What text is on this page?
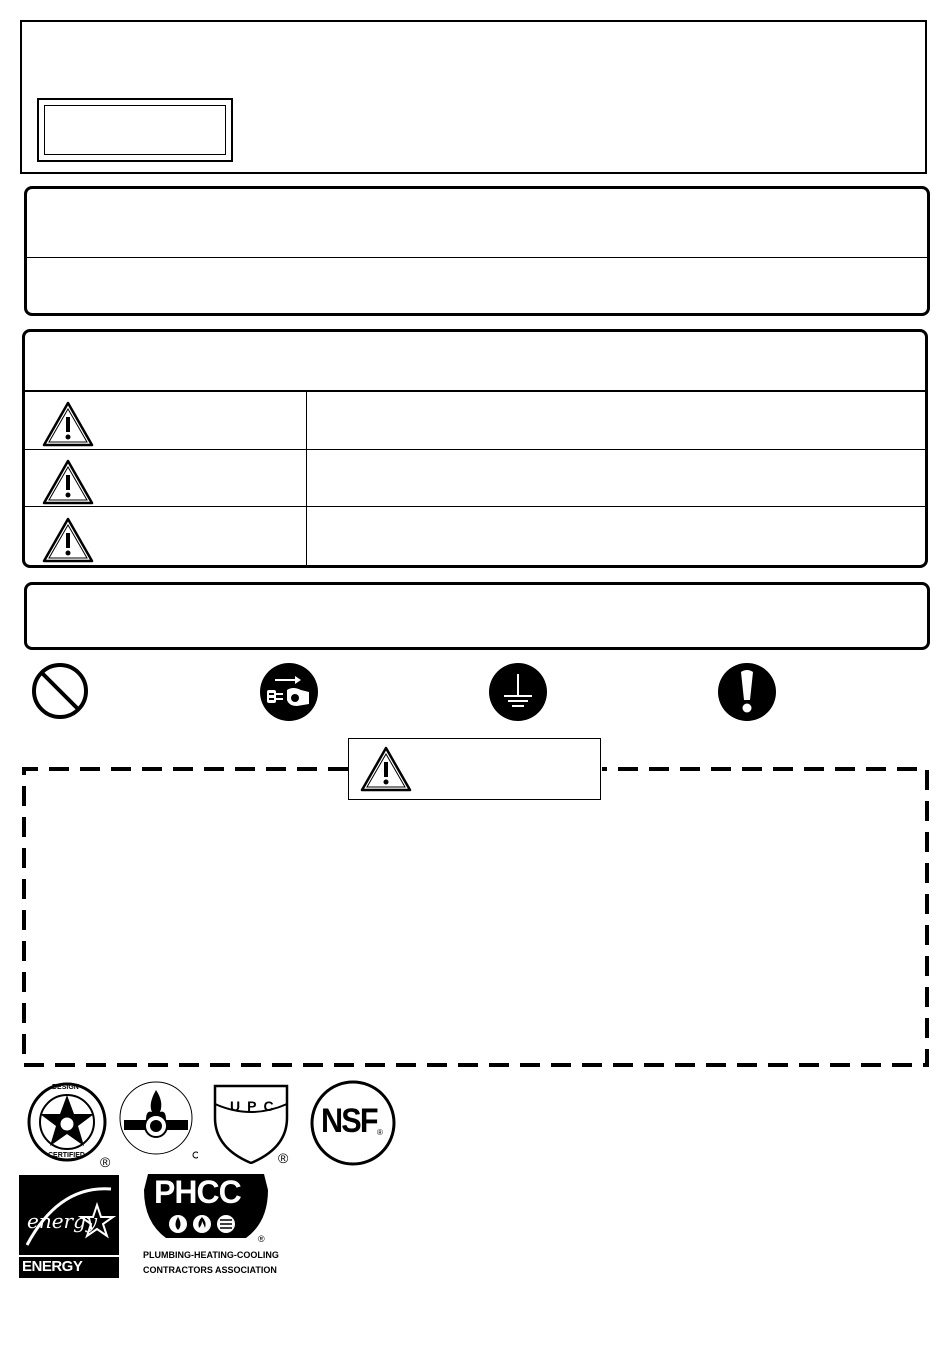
DESIGN
CERTIFIED ®
UPC
®
NSF ®
energy
ENERGY STAR
PHCC
®
PLUMBING-HEATING-COOLING
CONTRACTORS ASSOCIATION
